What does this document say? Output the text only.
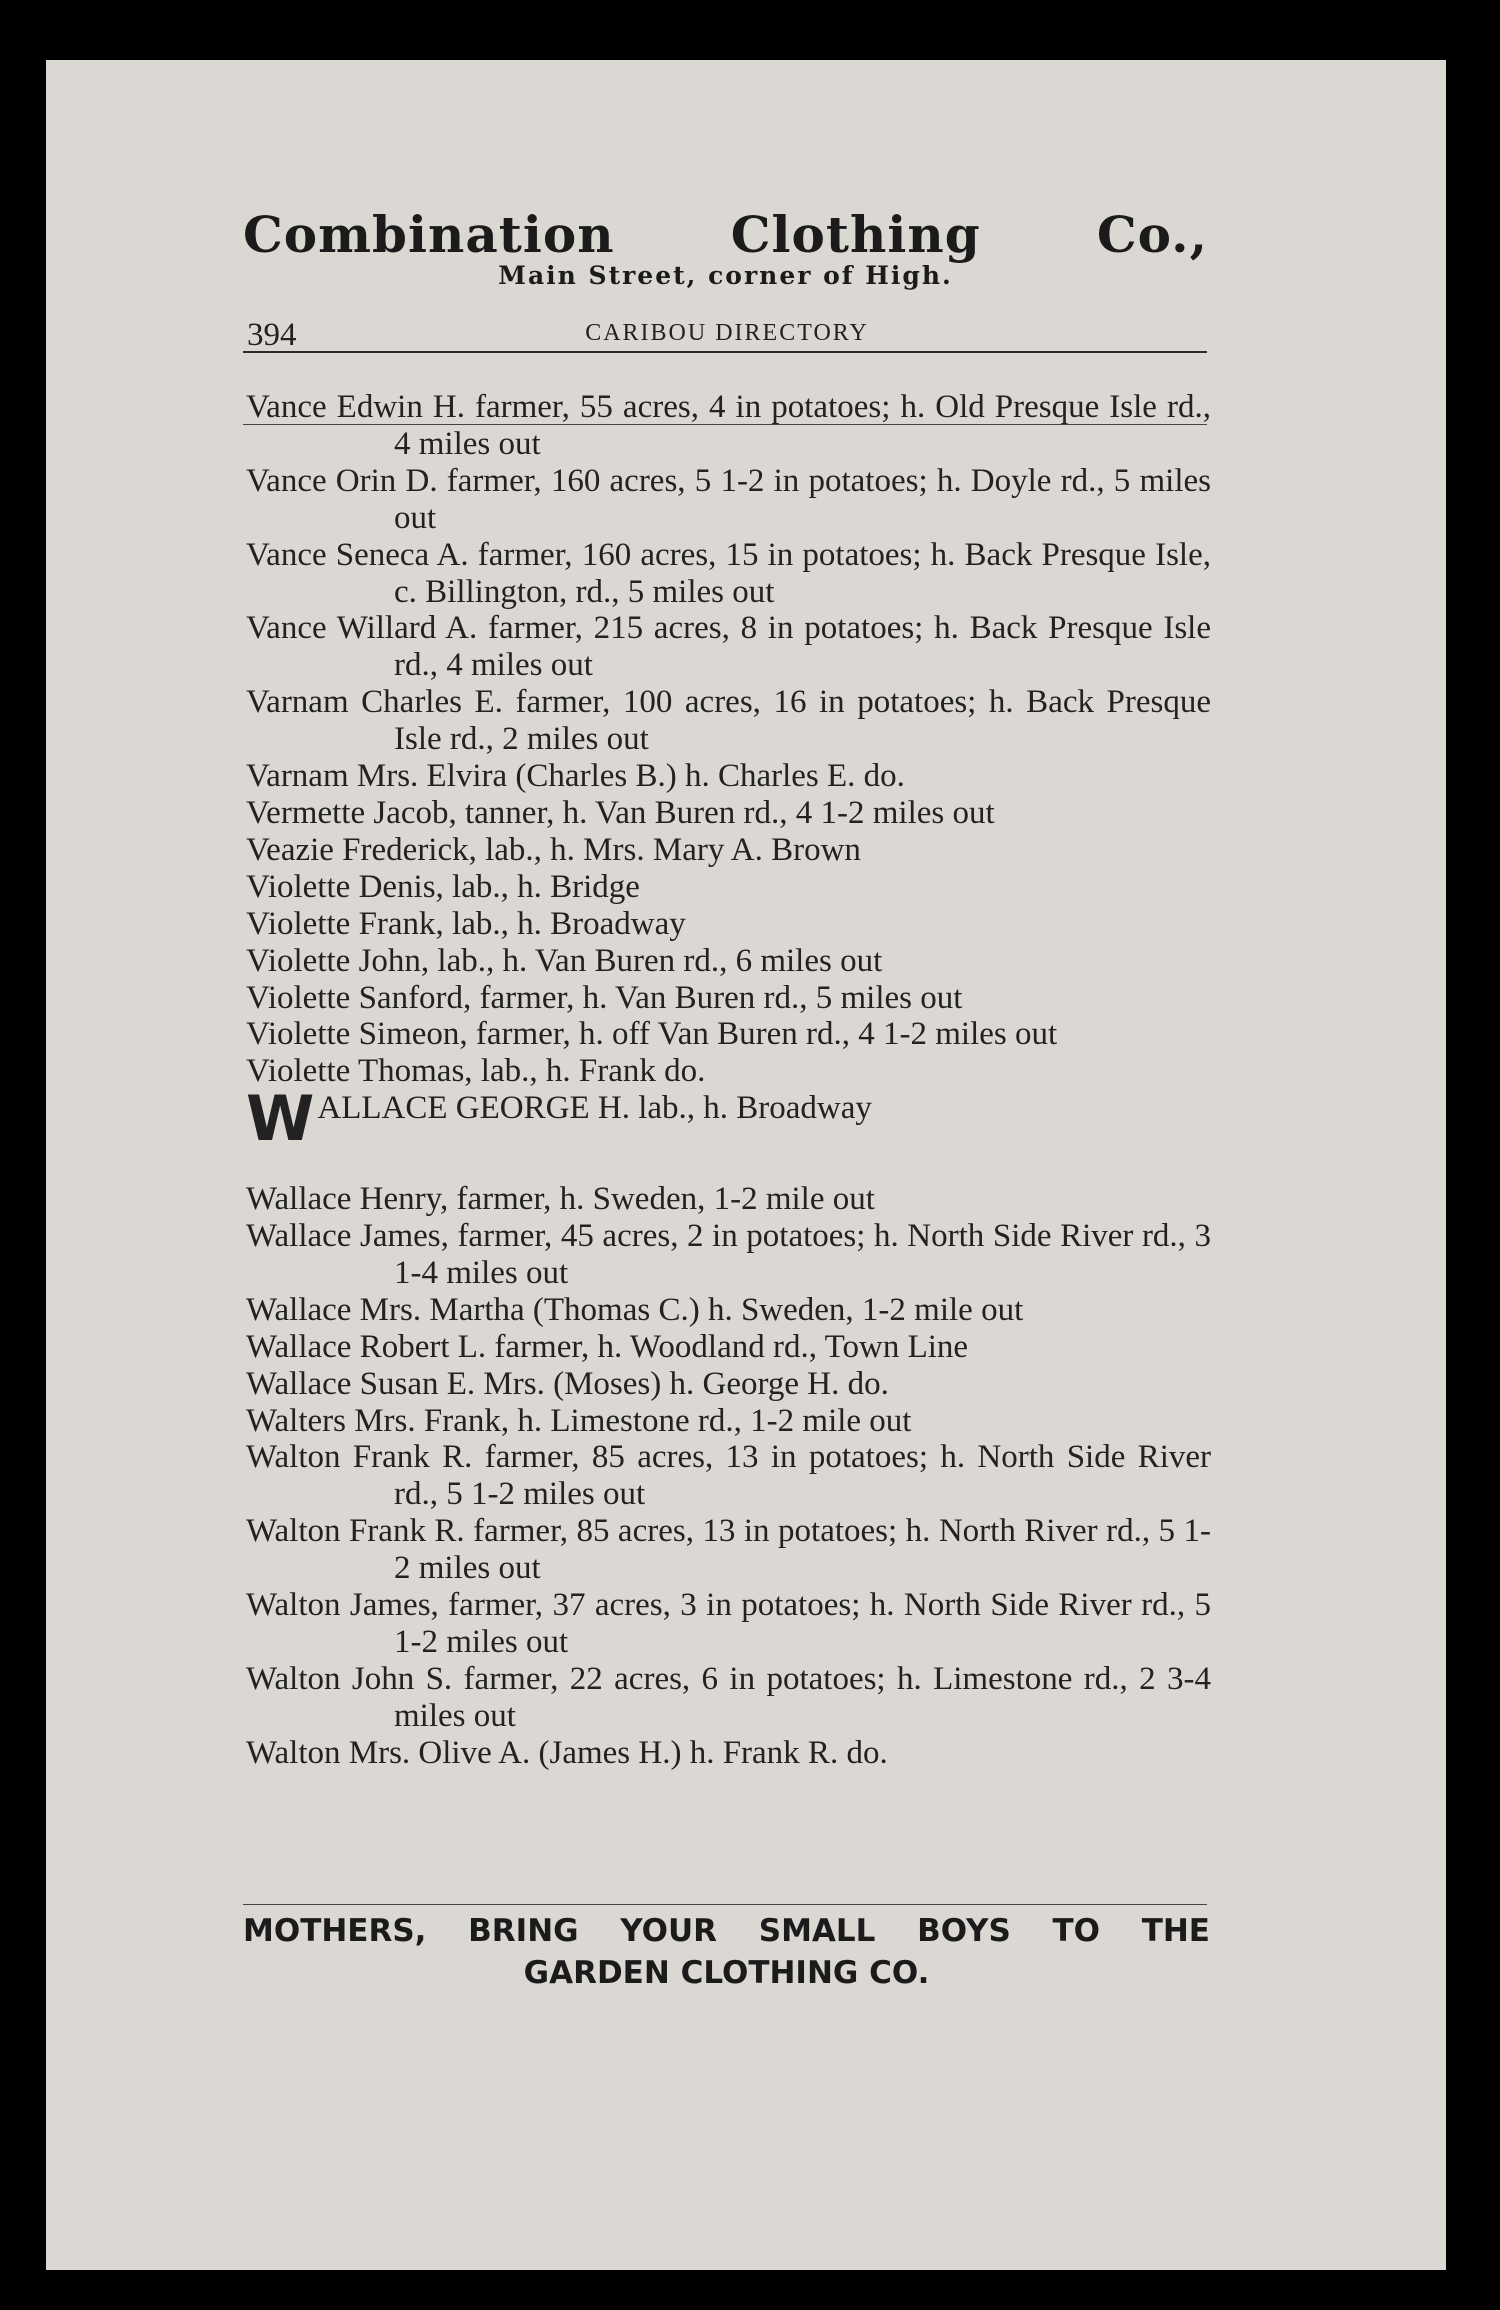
Combination Clothing Co.,
Main Street, corner of High.
394	CARIBOU DIRECTORY
Vance Edwin H. farmer, 55 acres, 4 in potatoes; h. Old Presque Isle rd., 4 miles out
Vance Orin D. farmer, 160 acres, 5 1-2 in potatoes; h. Doyle rd., 5 miles out
Vance Seneca A. farmer, 160 acres, 15 in potatoes; h. Back Presque Isle, c. Billington, rd., 5 miles out
Vance Willard A. farmer, 215 acres, 8 in potatoes; h. Back Presque Isle rd., 4 miles out
Varnam Charles E. farmer, 100 acres, 16 in potatoes; h. Back Presque Isle rd., 2 miles out
Varnam Mrs. Elvira (Charles B.) h. Charles E. do.
Vermette Jacob, tanner, h. Van Buren rd., 4 1-2 miles out
Veazie Frederick, lab., h. Mrs. Mary A. Brown
Violette Denis, lab., h. Bridge
Violette Frank, lab., h. Broadway
Violette John, lab., h. Van Buren rd., 6 miles out
Violette Sanford, farmer, h. Van Buren rd., 5 miles out
Violette Simeon, farmer, h. off Van Buren rd., 4 1-2 miles out
Violette Thomas, lab., h. Frank do.
WALLACE GEORGE H. lab., h. Broadway
Wallace Henry, farmer, h. Sweden, 1-2 mile out
Wallace James, farmer, 45 acres, 2 in potatoes; h. North Side River rd., 3 1-4 miles out
Wallace Mrs. Martha (Thomas C.) h. Sweden, 1-2 mile out
Wallace Robert L. farmer, h. Woodland rd., Town Line
Wallace Susan E. Mrs. (Moses) h. George H. do.
Walters Mrs. Frank, h. Limestone rd., 1-2 mile out
Walton Frank R. farmer, 85 acres, 13 in potatoes; h. North Side River rd., 5 1-2 miles out
Walton Frank R. farmer, 85 acres, 13 in potatoes; h. North River rd., 5 1-2 miles out
Walton James, farmer, 37 acres, 3 in potatoes; h. North Side River rd., 5 1-2 miles out
Walton John S. farmer, 22 acres, 6 in potatoes; h. Limestone rd., 2 3-4 miles out
Walton Mrs. Olive A. (James H.) h. Frank R. do.
MOTHERS, BRING YOUR SMALL BOYS TO THE
GARDEN CLOTHING CO.
